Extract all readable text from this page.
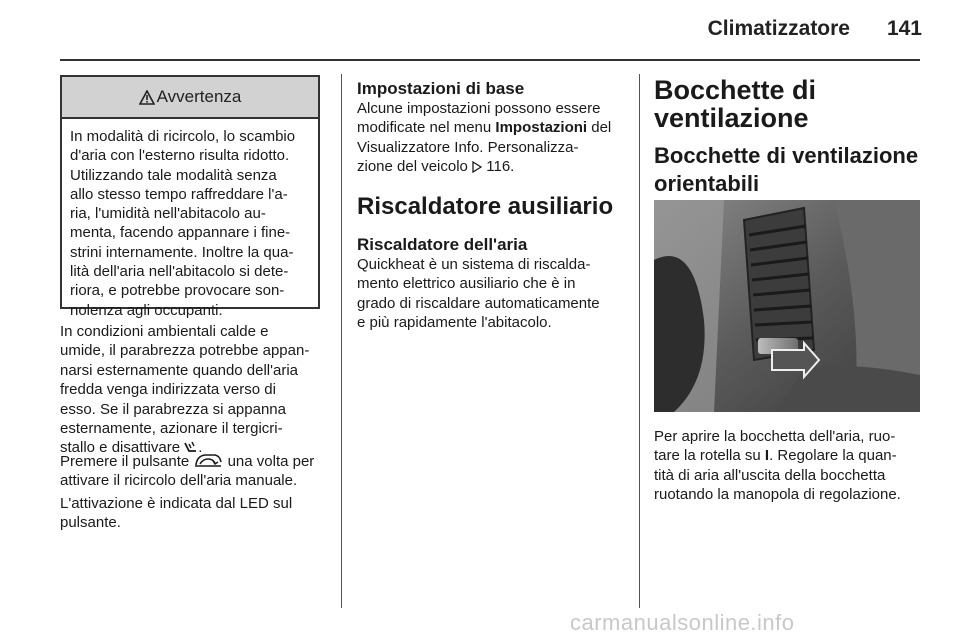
Climatizzatore 141
Avvertenza
In modalità di ricircolo, lo scambio
d'aria con l'esterno risulta ridotto.
Utilizzando tale modalità senza
allo stesso tempo raffreddare l'a-
ria, l'umidità nell'abitacolo au-
menta, facendo appannare i fine-
strini internamente. Inoltre la qua-
lità dell'aria nell'abitacolo si dete-
riora, e potrebbe provocare son-
nolenza agli occupanti.

In condizioni ambientali calde e

umide, il parabrezza potrebbe appan-

narsi esternamente quando dell'aria

fredda venga indirizzata verso di

esso. Se il parabrezza si appanna

esternamente, azionare il tergicri-

stallo e disattivare .

Premere il pulsante  una volta per

attivare il ricircolo dell'aria manuale.

L'attivazione è indicata dal LED sul

pulsante.

Impostazioni di base

Alcune impostazioni possono essere

modificate nel menu Impostazioni del

Visualizzatore Info. Personalizza-

zione del veicolo  116.

Riscaldatore ausiliario
Riscaldatore dell'aria

Quickheat è un sistema di riscalda-

mento elettrico ausiliario che è in

grado di riscaldare automaticamente

e più rapidamente l'abitacolo.

Bocchette di
ventilazione
Bocchette di ventilazione
orientabili

Per aprire la bocchetta dell'aria, ruo-

tare la rotella su I. Regolare la quan-

tità di aria all'uscita della bocchetta

ruotando la manopola di regolazione.

carmanualsonline.info
